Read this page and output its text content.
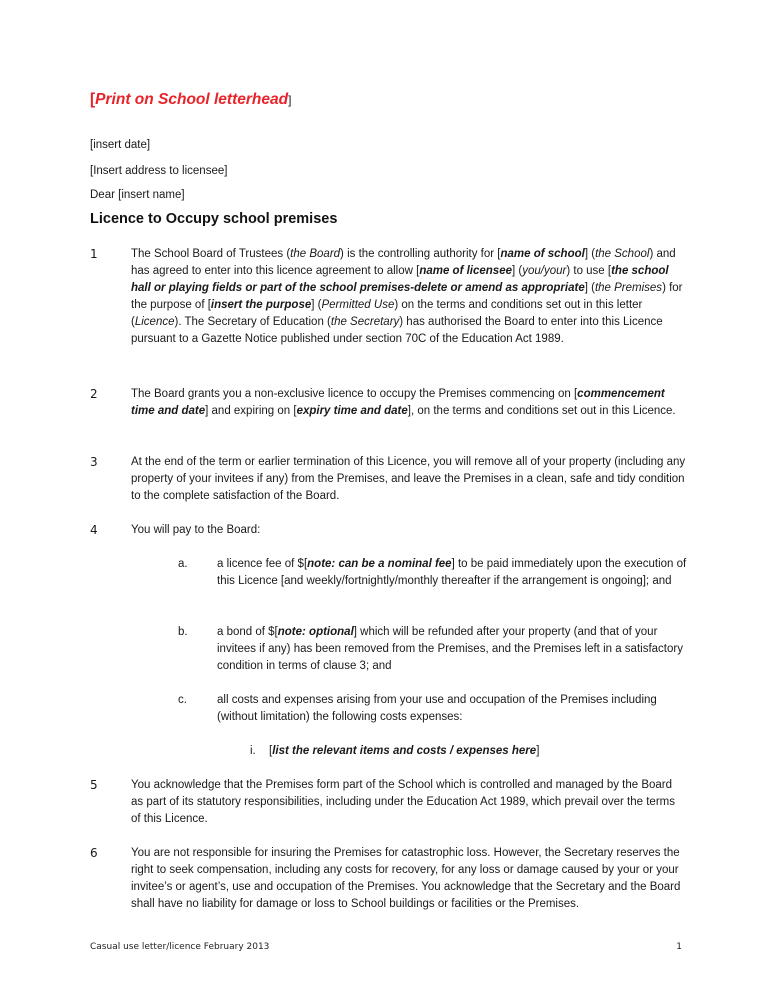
[Print on School letterhead]
[insert date]
[Insert address to licensee]
Dear [insert name]
Licence to Occupy school premises
1	The School Board of Trustees (the Board) is the controlling authority for [name of school] (the School) and has agreed to enter into this licence agreement to allow [name of licensee] (you/your) to use [the school hall or playing fields or part of the school premises-delete or amend as appropriate] (the Premises) for the purpose of [insert the purpose] (Permitted Use) on the terms and conditions set out in this letter (Licence). The Secretary of Education (the Secretary) has authorised the Board to enter into this Licence pursuant to a Gazette Notice published under section 70C of the Education Act 1989.
2	The Board grants you a non-exclusive licence to occupy the Premises commencing on [commencement time and date] and expiring on [expiry time and date], on the terms and conditions set out in this Licence.
3	At the end of the term or earlier termination of this Licence, you will remove all of your property (including any property of your invitees if any) from the Premises, and leave the Premises in a clean, safe and tidy condition to the complete satisfaction of the Board.
4	You will pay to the Board:
a.	a licence fee of $[note: can be a nominal fee] to be paid immediately upon the execution of this Licence [and weekly/fortnightly/monthly thereafter if the arrangement is ongoing]; and
b.	a bond of $[note: optional] which will be refunded after your property (and that of your invitees if any) has been removed from the Premises, and the Premises left in a satisfactory condition in terms of clause 3; and
c.	all costs and expenses arising from your use and occupation of the Premises including (without limitation) the following costs expenses:
i. [list the relevant items and costs / expenses here]
5	You acknowledge that the Premises form part of the School which is controlled and managed by the Board as part of its statutory responsibilities, including under the Education Act 1989, which prevail over the terms of this Licence.
6	You are not responsible for insuring the Premises for catastrophic loss. However, the Secretary reserves the right to seek compensation, including any costs for recovery, for any loss or damage caused by your or your invitee’s or agent’s, use and occupation of the Premises. You acknowledge that the Secretary and the Board shall have no liability for damage or loss to School buildings or facilities or the Premises.
Casual use letter/licence February 2013	1
